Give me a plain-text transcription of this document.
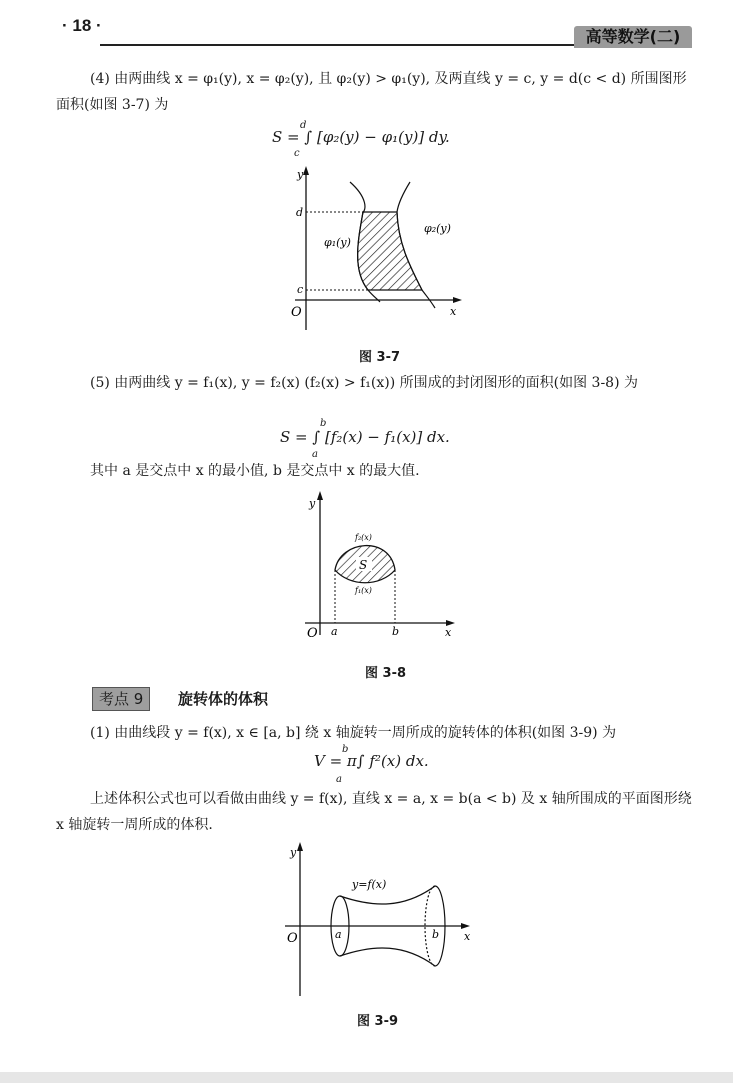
· 18 ·
高等数学(二)
(4) 由两曲线 x = φ₁(y), x = φ₂(y), 且 φ₂(y) > φ₁(y), 及两直线 y = c, y = d(c < d) 所围图形面积(如图 3-7) 为
S = ∫ [φ₂(y) − φ₁(y)] dy.
d
c
y
x
O
d
c
φ₁(y)
φ₂(y)
图 3-7
(5) 由两曲线 y = f₁(x), y = f₂(x) (f₂(x) > f₁(x)) 所围成的封闭图形的面积(如图 3-8) 为
S = ∫ [f₂(x) − f₁(x)] dx.
b
a
其中 a 是交点中 x 的最小值, b 是交点中 x 的最大值.
S
f₂(x)
f₁(x)
y
x
O a	b
图 3-8
考点 9	旋转体的体积
(1) 由曲线段 y = f(x), x ∈ [a, b] 绕 x 轴旋转一周所成的旋转体的体积(如图 3-9) 为
V = π∫ f²(x) dx.
b
a
上述体积公式也可以看做由曲线 y = f(x), 直线 x = a, x = b(a < b) 及 x 轴所围成的平面图形绕 x 轴旋转一周所成的体积.
y=f(x)
y
x
O	a	b
图 3-9
